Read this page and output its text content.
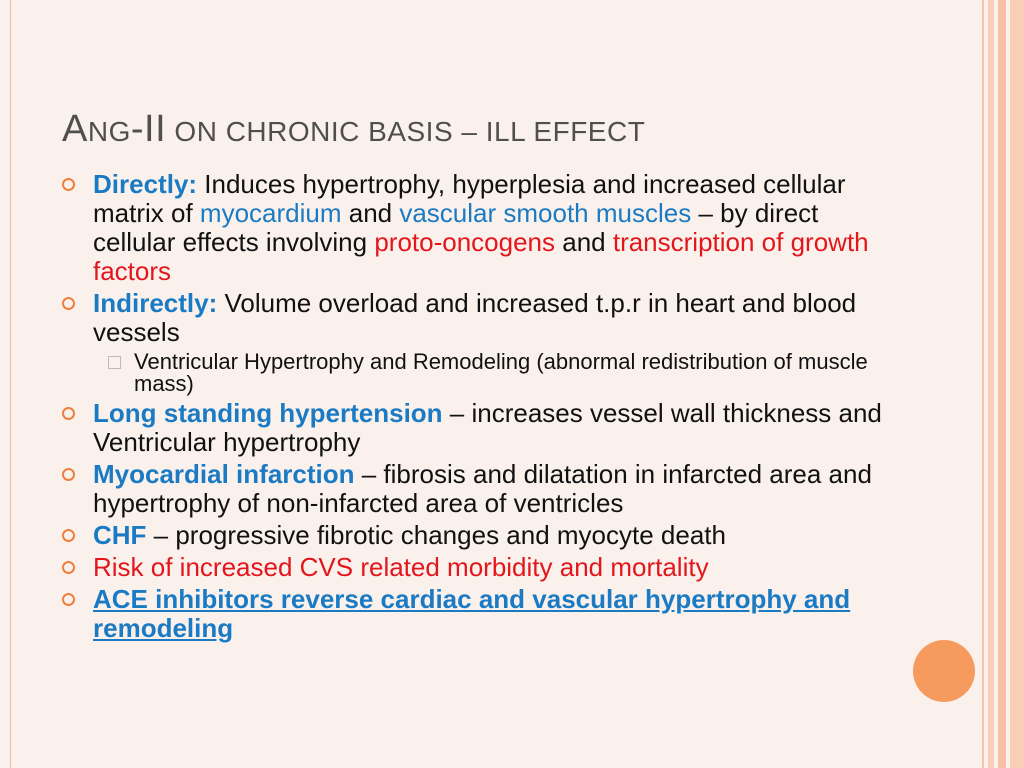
ANG-II ON CHRONIC BASIS – ILL EFFECT
Directly: Induces hypertrophy, hyperplesia and increased cellular matrix of myocardium and vascular smooth muscles – by direct cellular effects involving proto-oncogens and transcription of growth factors
Indirectly: Volume overload and increased t.p.r in heart and blood vessels
Ventricular Hypertrophy and Remodeling (abnormal redistribution of muscle mass)
Long standing hypertension – increases vessel wall thickness and Ventricular hypertrophy
Myocardial infarction – fibrosis and dilatation in infarcted area and hypertrophy of non-infarcted area of ventricles
CHF – progressive fibrotic changes and myocyte death
Risk of increased CVS related morbidity and mortality
ACE inhibitors reverse cardiac and vascular hypertrophy and remodeling
